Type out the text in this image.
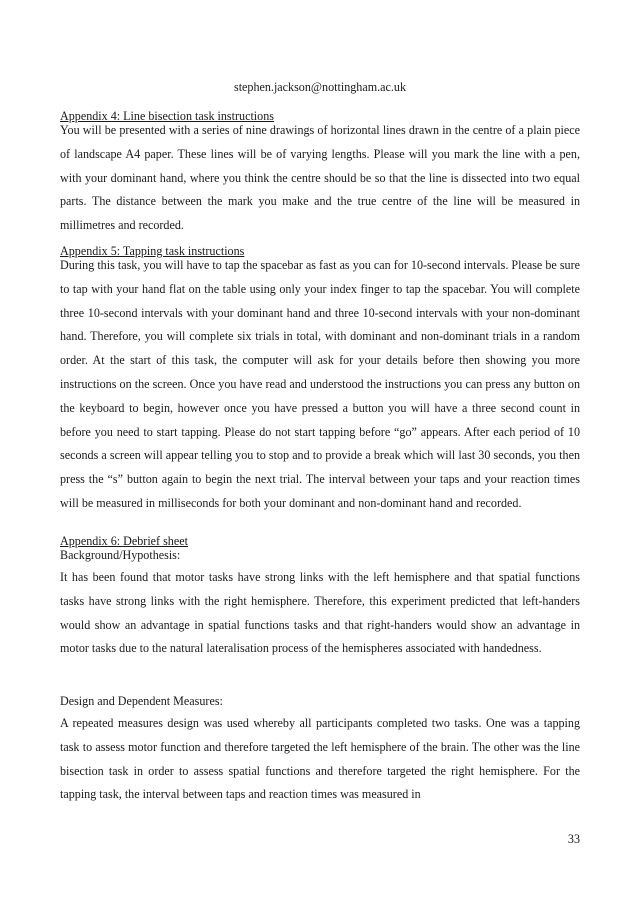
stephen.jackson@nottingham.ac.uk
Appendix 4: Line bisection task instructions

You will be presented with a series of nine drawings of horizontal lines drawn in the centre of a plain piece of landscape A4 paper. These lines will be of varying lengths. Please will you mark the line with a pen, with your dominant hand, where you think the centre should be so that the line is dissected into two equal parts. The distance between the mark you make and the true centre of the line will be measured in millimetres and recorded.

Appendix 5: Tapping task instructions

During this task, you will have to tap the spacebar as fast as you can for 10-second intervals. Please be sure to tap with your hand flat on the table using only your index finger to tap the spacebar. You will complete three 10-second intervals with your dominant hand and three 10-second intervals with your non-dominant hand. Therefore, you will complete six trials in total, with dominant and non-dominant trials in a random order. At the start of this task, the computer will ask for your details before then showing you more instructions on the screen. Once you have read and understood the instructions you can press any button on the keyboard to begin, however once you have pressed a button you will have a three second count in before you need to start tapping. Please do not start tapping before “go” appears. After each period of 10 seconds a screen will appear telling you to stop and to provide a break which will last 30 seconds, you then press the “s” button again to begin the next trial. The interval between your taps and your reaction times will be measured in milliseconds for both your dominant and non-dominant hand and recorded.

Appendix 6: Debrief sheet
Background/Hypothesis:

It has been found that motor tasks have strong links with the left hemisphere and that spatial functions tasks have strong links with the right hemisphere. Therefore, this experiment predicted that left-handers would show an advantage in spatial functions tasks and that right-handers would show an advantage in motor tasks due to the natural lateralisation process of the hemispheres associated with handedness.

Design and Dependent Measures:

A repeated measures design was used whereby all participants completed two tasks. One was a tapping task to assess motor function and therefore targeted the left hemisphere of the brain. The other was the line bisection task in order to assess spatial functions and therefore targeted the right hemisphere. For the tapping task, the interval between taps and reaction times was measured in

33
